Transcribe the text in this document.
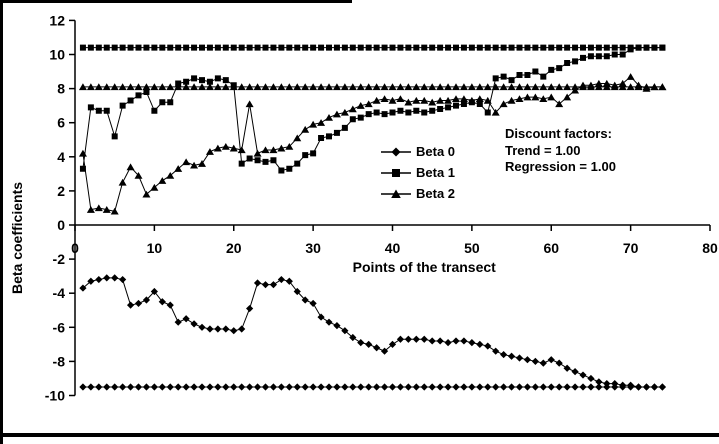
12
10
8
6
4
2
0
-2
-4
-6
-8
-10
0	10	20	30	40	50	60	70	80
Points of the transect
Beta coefficients
Beta 0
Beta 1
Beta 2
Discount factors:
Trend = 1.00
Regression = 1.00
